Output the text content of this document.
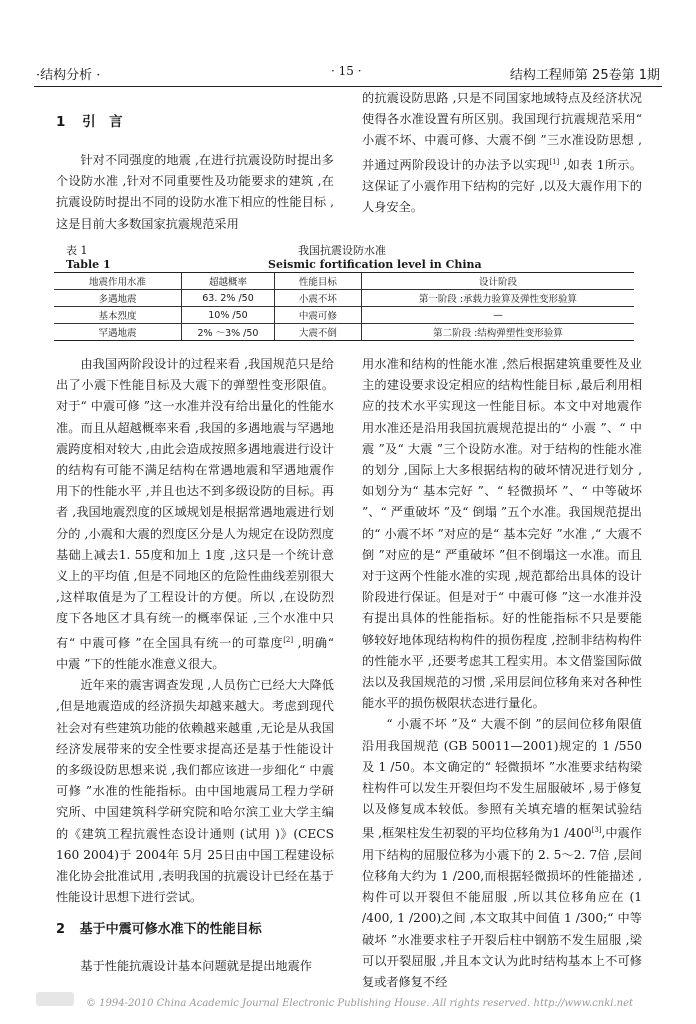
·结构分析 ·	· 15 ·	结构工程师第 25卷第 1期
1 引　言

针对不同强度的地震 ,在进行抗震设防时提出多个设防水准 ,针对不同重要性及功能要求的建筑 ,在抗震设防时提出不同的设防水准下相应的性能目标 ,这是目前大多数国家抗震规范采用

的抗震设防思路 ,只是不同国家地域特点及经济状况使得各水准设置有所区别。我国现行抗震规范采用“ 小震不坏、中震可修、大震不倒 ”三水准设防思想 , 并通过两阶段设计的办法予以实现[1] ,如表 1所示。这保证了小震作用下结构的完好 ,以及大震作用下的人身安全。

表 1	我国抗震设防水准
Table 1	Seismic fortification level in China
地震作用水准	超越概率	性能目标	设计阶段
多遇地震	63. 2% /50	小震不坏	第一阶段 :承载力验算及弹性变形验算
基本烈度	10% /50	中震可修	—
罕遇地震	2% ～3% /50	大震不倒	第二阶段 :结构弹塑性变形验算

由我国两阶段设计的过程来看 ,我国规范只是给出了小震下性能目标及大震下的弹塑性变形限值。对于“ 中震可修 ”这一水准并没有给出量化的性能水准。而且从超越概率来看 ,我国的多遇地震与罕遇地震跨度相对较大 ,由此会造成按照多遇地震进行设计的结构有可能不满足结构在常遇地震和罕遇地震作用下的性能水平 ,并且也达不到多级设防的目标。再者 ,我国地震烈度的区域规划是根据常遇地震进行划分的 ,小震和大震的烈度区分是人为规定在设防烈度基础上减去1. 55度和加上 1度 ,这只是一个统计意义上的平均值 ,但是不同地区的危险性曲线差别很大 ,这样取值是为了工程设计的方便。所以 ,在设防烈度下各地区才具有统一的概率保证 ,三个水准中只有“ 中震可修 ”在全国具有统一的可靠度[2] ,明确“ 中震 ”下的性能水准意义很大。

近年来的震害调查发现 ,人员伤亡已经大大降低 ,但是地震造成的经济损失却越来越大。考虑到现代社会对有些建筑功能的依赖越来越重 ,无论是从我国经济发展带来的安全性要求提高还是基于性能设计的多级设防思想来说 ,我们都应该进一步细化“ 中震可修 ”水准的性能指标。由中国地震局工程力学研究所、中国建筑科学研究院和哈尔滨工业大学主编的《建筑工程抗震性态设计通则 (试用 )》(CECS 160 2004)于 2004年 5月 25日由中国工程建设标准化协会批准试用 ,表明我国的抗震设计已经在基于性能设计思想下进行尝试。

2 基于中震可修水准下的性能目标

基于性能抗震设计基本问题就是提出地震作

用水准和结构的性能水准 ,然后根据建筑重要性及业主的建设要求设定相应的结构性能目标 ,最后利用相应的技术水平实现这一性能目标。本文中对地震作用水准还是沿用我国抗震规范提出的“ 小震 ”、“ 中震 ”及“ 大震 ”三个设防水准。对于结构的性能水准的划分 ,国际上大多根据结构的破坏情况进行划分 ,如划分为“ 基本完好 ”、“ 轻微损坏 ”、“ 中等破坏 ”、“ 严重破坏 ”及“ 倒塌 ”五个水准。我国规范提出的“ 小震不坏 ”对应的是“ 基本完好 ”水准 ,“ 大震不倒 ”对应的是“ 严重破坏 ”但不倒塌这一水准。而且对于这两个性能水准的实现 ,规范都给出具体的设计阶段进行保证。但是对于“ 中震可修 ”这一水准并没有提出具体的性能指标。好的性能指标不只是要能够较好地体现结构构件的损伤程度 ,控制非结构构件的性能水平 ,还要考虑其工程实用。本文借鉴国际做法以及我国规范的习惯 ,采用层间位移角来对各种性能水平的损伤极限状态进行量化。

“ 小震不坏 ”及“ 大震不倒 ”的层间位移角限值沿用我国规范 (GB 50011—2001)规定的 1 /550及 1 /50。本文确定的“ 轻微损坏 ”水准要求结构梁柱构件可以发生开裂但均不发生屈服破坏 ,易于修复以及修复成本较低。参照有关填充墙的框架试验结果 ,框架柱发生初裂的平均位移角为1 /400[3],中震作用下结构的屈服位移为小震下的 2. 5～2. 7倍 ,层间位移角大约为 1 /200,而根据轻微损坏的性能描述 ,构件可以开裂但不能屈服 ,所以其位移角应在 (1 /400, 1 /200)之间 ,本文取其中间值 1 /300;“ 中等破坏 ”水准要求柱子开裂后柱中钢筋不发生屈服 ,梁可以开裂屈服 ,并且本文认为此时结构基本上不可修复或者修复不经

© 1994-2010 China Academic Journal Electronic Publishing House. All rights reserved. http://www.cnki.net
